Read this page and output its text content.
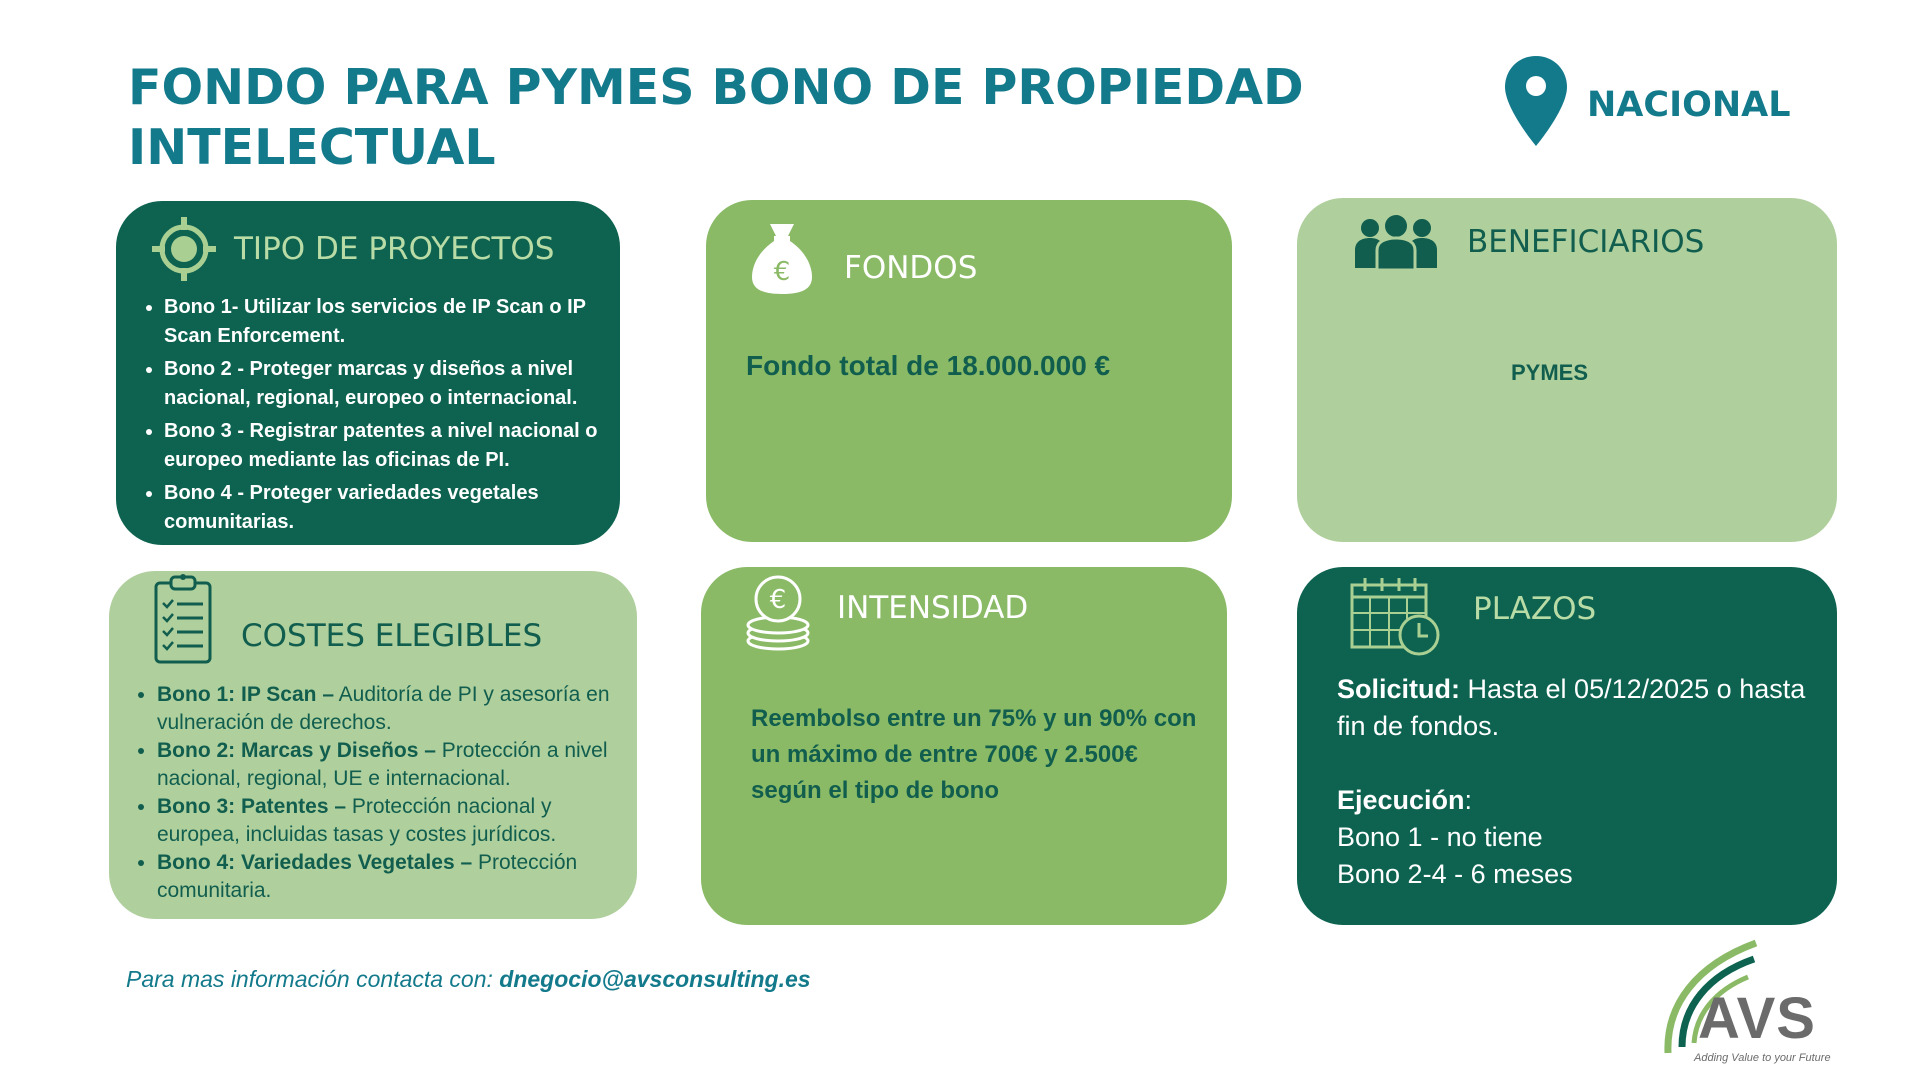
FONDO PARA PYMES BONO DE PROPIEDAD
INTELECTUAL
NACIONAL
TIPO DE PROYECTOS
• Bono 1- Utilizar los servicios de IP Scan o IP Scan Enforcement.
• Bono 2 - Proteger marcas y diseños a nivel nacional, regional, europeo o internacional.
• Bono 3 - Registrar patentes a nivel nacional o europeo mediante las oficinas de PI.
• Bono 4 - Proteger variedades vegetales comunitarias.
€ FONDOS
Fondo total de 18.000.000 €
BENEFICIARIOS
PYMES
COSTES ELEGIBLES
• Bono 1: IP Scan – Auditoría de PI y asesoría en vulneración de derechos.
• Bono 2: Marcas y Diseños – Protección a nivel nacional, regional, UE e internacional.
• Bono 3: Patentes – Protección nacional y europea, incluidas tasas y costes jurídicos.
• Bono 4: Variedades Vegetales – Protección comunitaria.
€ INTENSIDAD
Reembolso entre un 75% y un 90% con un máximo de entre 700€ y 2.500€ según el tipo de bono
PLAZOS
Solicitud: Hasta el 05/12/2025 o hasta fin de fondos.
Ejecución:
Bono 1 - no tiene
Bono 2-4 - 6 meses
Para mas información contacta con: dnegocio@avsconsulting.es
AVS
Adding Value to your Future
